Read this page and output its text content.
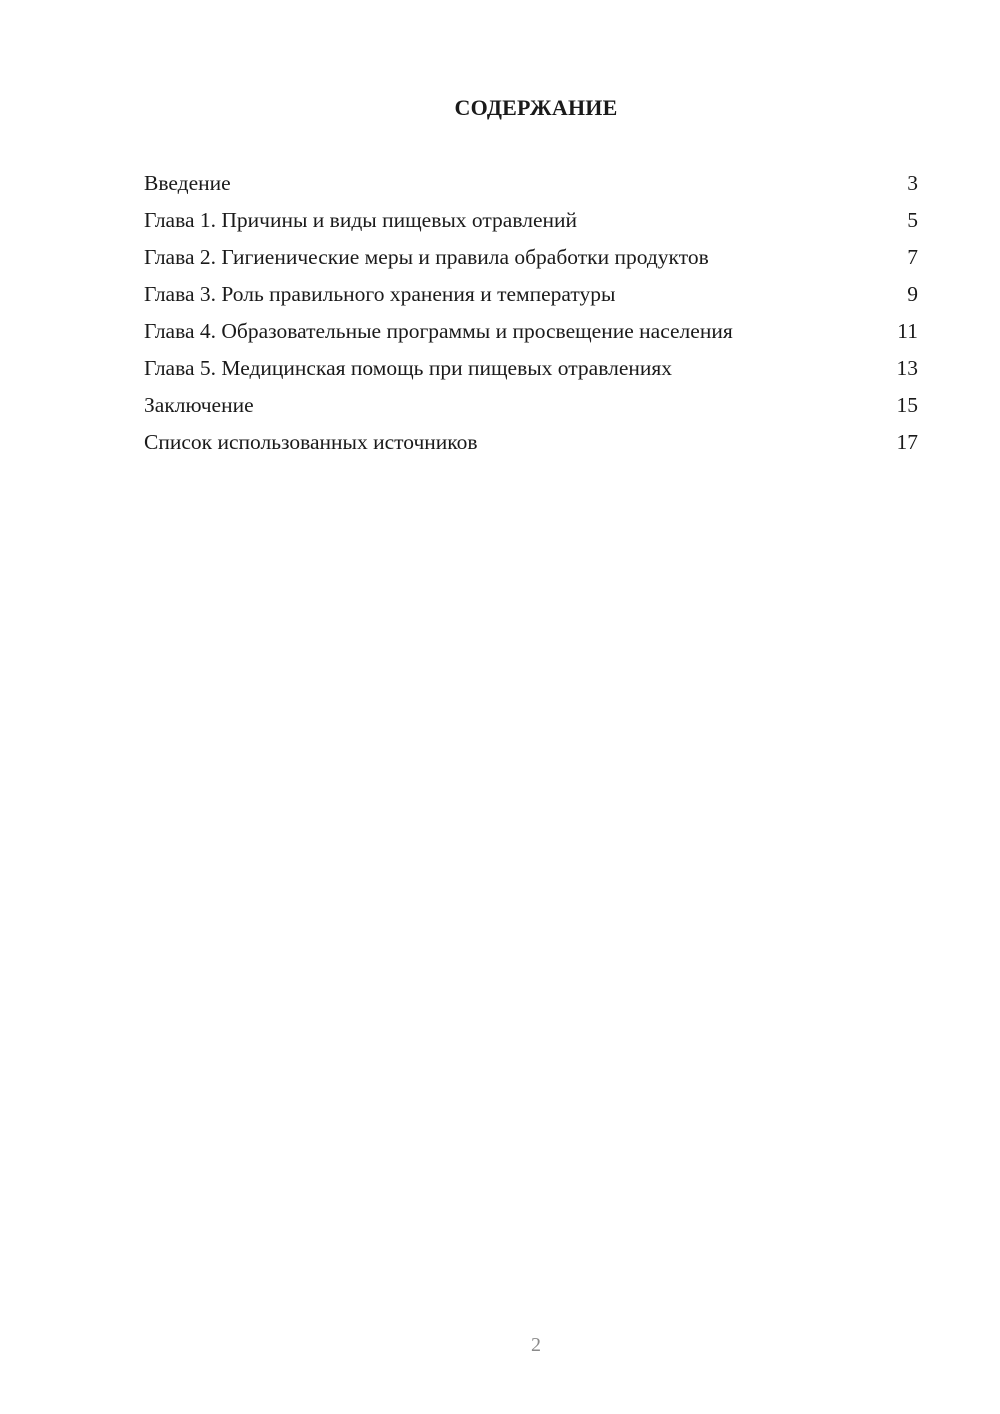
СОДЕРЖАНИЕ
Введение	3
Глава 1. Причины и виды пищевых отравлений	5
Глава 2. Гигиенические меры и правила обработки продуктов	7
Глава 3. Роль правильного хранения и температуры	9
Глава 4. Образовательные программы и просвещение населения	11
Глава 5. Медицинская помощь при пищевых отравлениях	13
Заключение	15
Список использованных источников	17
2
